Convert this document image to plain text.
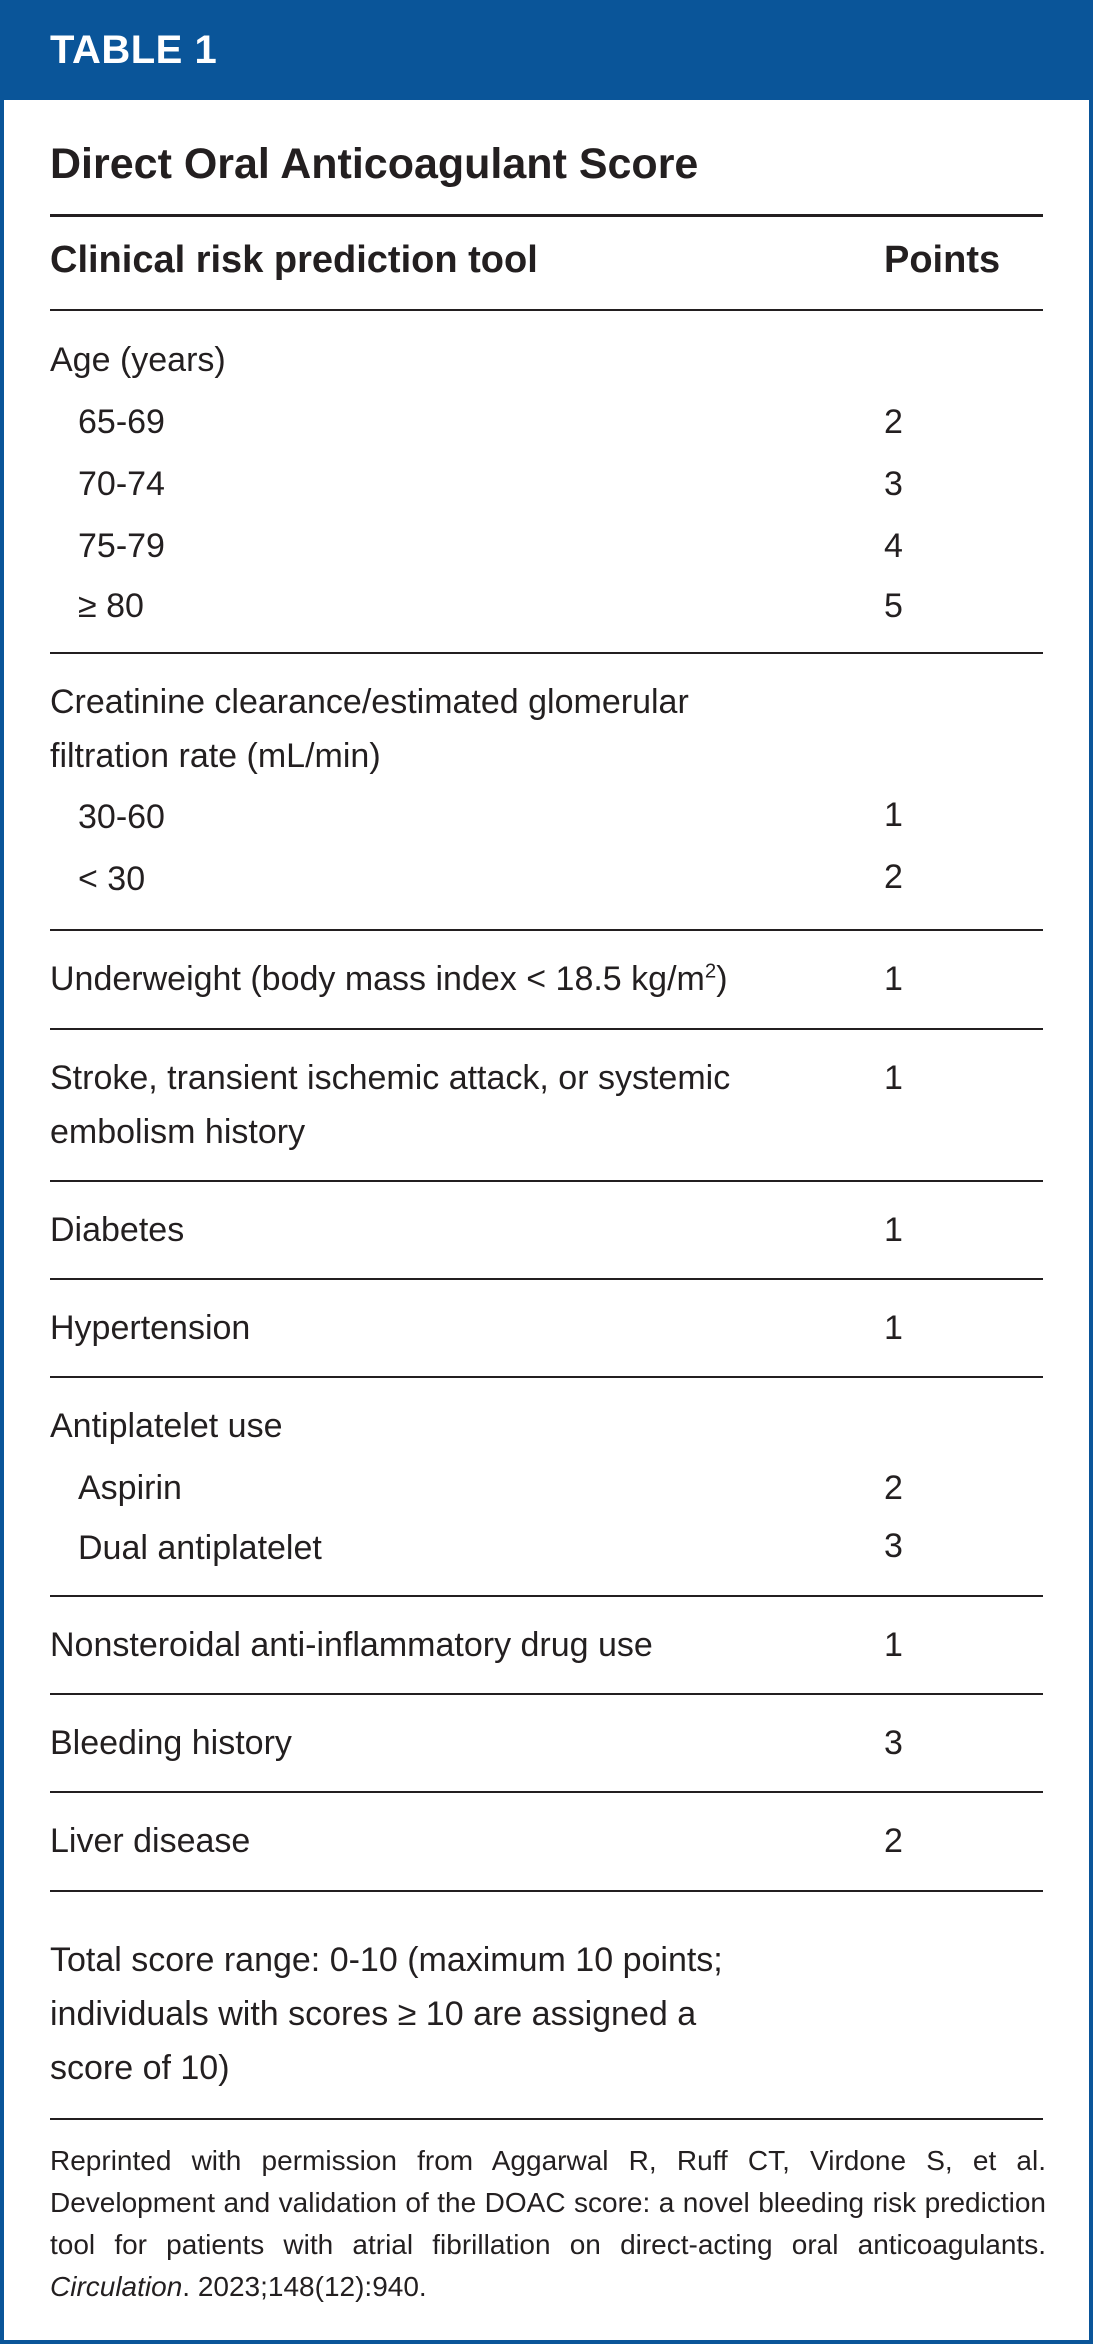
TABLE 1
Direct Oral Anticoagulant Score
Clinical risk prediction tool	Points
Age (years)
65-69	2
70-74	3
75-79	4
≥ 80	5
Creatinine clearance/estimated glomerular
filtration rate (mL/min)
30-60	1
< 30	2
Underweight (body mass index < 18.5 $kg/m^2$)	1
Stroke, transient ischemic attack, or systemic	1
embolism history
Diabetes	1
Hypertension	1
Antiplatelet use
Aspirin	2
Dual antiplatelet	3
Nonsteroidal anti-inflammatory drug use	1
Bleeding history	3
Liver disease	2
Total score range: 0-10 (maximum 10 points;
individuals with scores ≥ 10 are assigned a
score of 10)
Reprinted with permission from Aggarwal R, Ruff CT, Virdone S, et al. Development and validation of the DOAC score: a novel bleeding risk prediction tool for patients with atrial fibrillation on direct-acting oral anticoagulants. Circulation. 2023;148(12):940.
